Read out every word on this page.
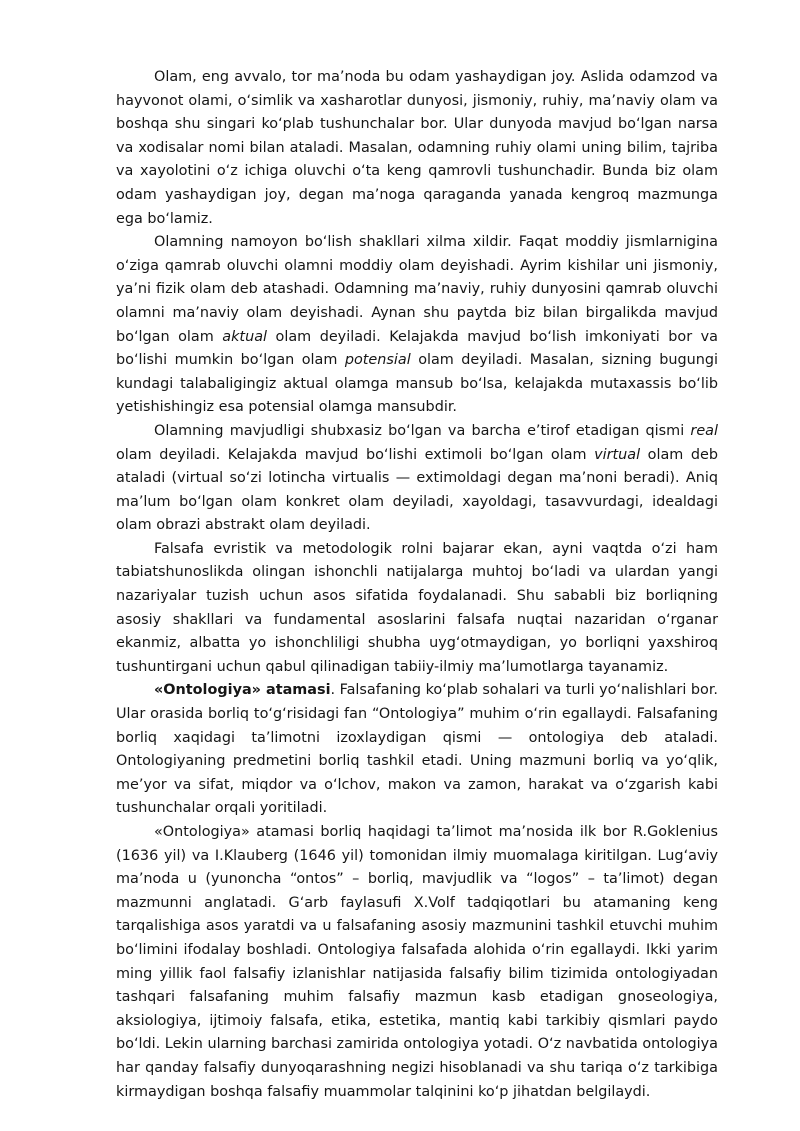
Olam, eng avvalo, tor ma’noda bu odam yashaydigan joy. Aslida odamzod va hayvonot olami, o‘simlik va xasharotlar dunyosi, jismoniy, ruhiy, ma’naviy olam va boshqa shu singari ko‘plab tushunchalar bor. Ular dunyoda mavjud bo‘lgan narsa va xodisalar nomi bilan ataladi. Masalan, odamning ruhiy olami uning bilim, tajriba va xayolotini o‘z ichiga oluvchi o‘ta keng qamrovli tushunchadir. Bunda biz olam odam yashaydigan joy, degan ma’noga qaraganda yanada kengroq mazmunga ega bo‘lamiz.

Olamning namoyon bo‘lish shakllari xilma xildir. Faqat moddiy jismlarnigina o‘ziga qamrab oluvchi olamni moddiy olam deyishadi. Ayrim kishilar uni jismoniy, ya’ni fizik olam deb atashadi. Odamning ma’naviy, ruhiy dunyosini qamrab oluvchi olamni ma’naviy olam deyishadi. Aynan shu paytda biz bilan birgalikda mavjud bo‘lgan olam aktual olam deyiladi. Kelajakda mavjud bo‘lish imkoniyati bor va bo‘lishi mumkin bo‘lgan olam potensial olam deyiladi. Masalan, sizning bugungi kundagi talabaligingiz aktual olamga mansub bo‘lsa, kelajakda mutaxassis bo‘lib yetishishingiz esa potensial olamga mansubdir.

Olamning mavjudligi shubxasiz bo‘lgan va barcha e’tirof etadigan qismi real olam deyiladi. Kelajakda mavjud bo‘lishi extimoli bo‘lgan olam virtual olam deb ataladi (virtual so‘zi lotincha virtualis — extimoldagi degan ma’noni beradi). Aniq ma’lum bo‘lgan olam konkret olam deyiladi, xayoldagi, tasavvurdagi, idealdagi olam obrazi abstrakt olam deyiladi.

Falsafa evristik va metodologik rolni bajarar ekan, ayni vaqtda o‘zi ham tabiatshunoslikda olingan ishonchli natijalarga muhtoj bo‘ladi va ulardan yangi nazariyalar tuzish uchun asos sifatida foydalanadi. Shu sababli biz borliqning asosiy shakllari va fundamental asoslarini falsafa nuqtai nazaridan o‘rganar ekanmiz, albatta yo ishonchliligi shubha uyg‘otmaydigan, yo borliqni yaxshiroq tushuntirgani uchun qabul qilinadigan tabiiy-ilmiy ma’lumotlarga tayanamiz.

«Ontologiya» atamasi. Falsafaning ko‘plab sohalari va turli yo‘nalishlari bor. Ular orasida borliq to‘g‘risidagi fan “Ontologiya” muhim o‘rin egallaydi. Falsafaning borliq xaqidagi ta’limotni izoxlaydigan qismi — ontologiya deb ataladi. Ontologiyaning predmetini borliq tashkil etadi. Uning mazmuni borliq va yo‘qlik, me’yor va sifat, miqdor va o‘lchov, makon va zamon, harakat va o‘zgarish kabi tushunchalar orqali yoritiladi.

«Ontologiya» atamasi borliq haqidagi ta’limot ma’nosida ilk bor R.Goklenius (1636 yil) va I.Klauberg (1646 yil) tomonidan ilmiy muomalaga kiritilgan. Lug‘aviy ma’noda u (yunoncha “ontos” – borliq, mavjudlik va “logos” – ta’limot) degan mazmunni anglatadi. G‘arb faylasufi X.Volf tadqiqotlari bu atamaning keng tarqalishiga asos yaratdi va u falsafaning asosiy mazmunini tashkil etuvchi muhim bo‘limini ifodalay boshladi. Ontologiya falsafada alohida o‘rin egallaydi. Ikki yarim ming yillik faol falsafiy izlanishlar natijasida falsafiy bilim tizimida ontologiyadan tashqari falsafaning muhim falsafiy mazmun kasb etadigan gnoseologiya, aksiologiya, ijtimoiy falsafa, etika, estetika, mantiq kabi tarkibiy qismlari paydo bo‘ldi. Lekin ularning barchasi zamirida ontologiya yotadi. O‘z navbatida ontologiya har qanday falsafiy dunyoqarashning negizi hisoblanadi va shu tariqa o‘z tarkibiga kirmaydigan boshqa falsafiy muammolar talqinini ko‘p jihatdan belgilaydi.
